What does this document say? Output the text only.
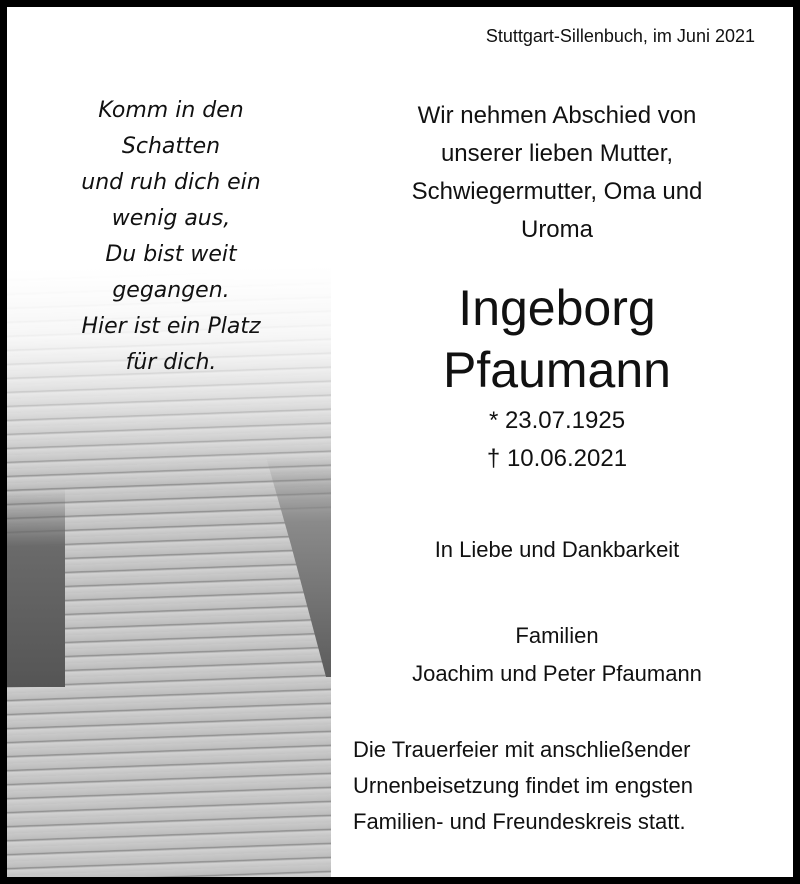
Komm in den
Schatten
und ruh dich ein
wenig aus,
Du bist weit
gegangen.
Hier ist ein Platz
für dich.
Stuttgart-Sillenbuch, im Juni 2021
Wir nehmen Abschied von
unserer lieben Mutter,
Schwiegermutter, Oma und
Uroma
Ingeborg
Pfaumann
* 23.07.1925
† 10.06.2021
In Liebe und Dankbarkeit
Familien
Joachim und Peter Pfaumann
Die Trauerfeier mit anschließender
Urnenbeisetzung findet im engsten
Familien- und Freundeskreis statt.
